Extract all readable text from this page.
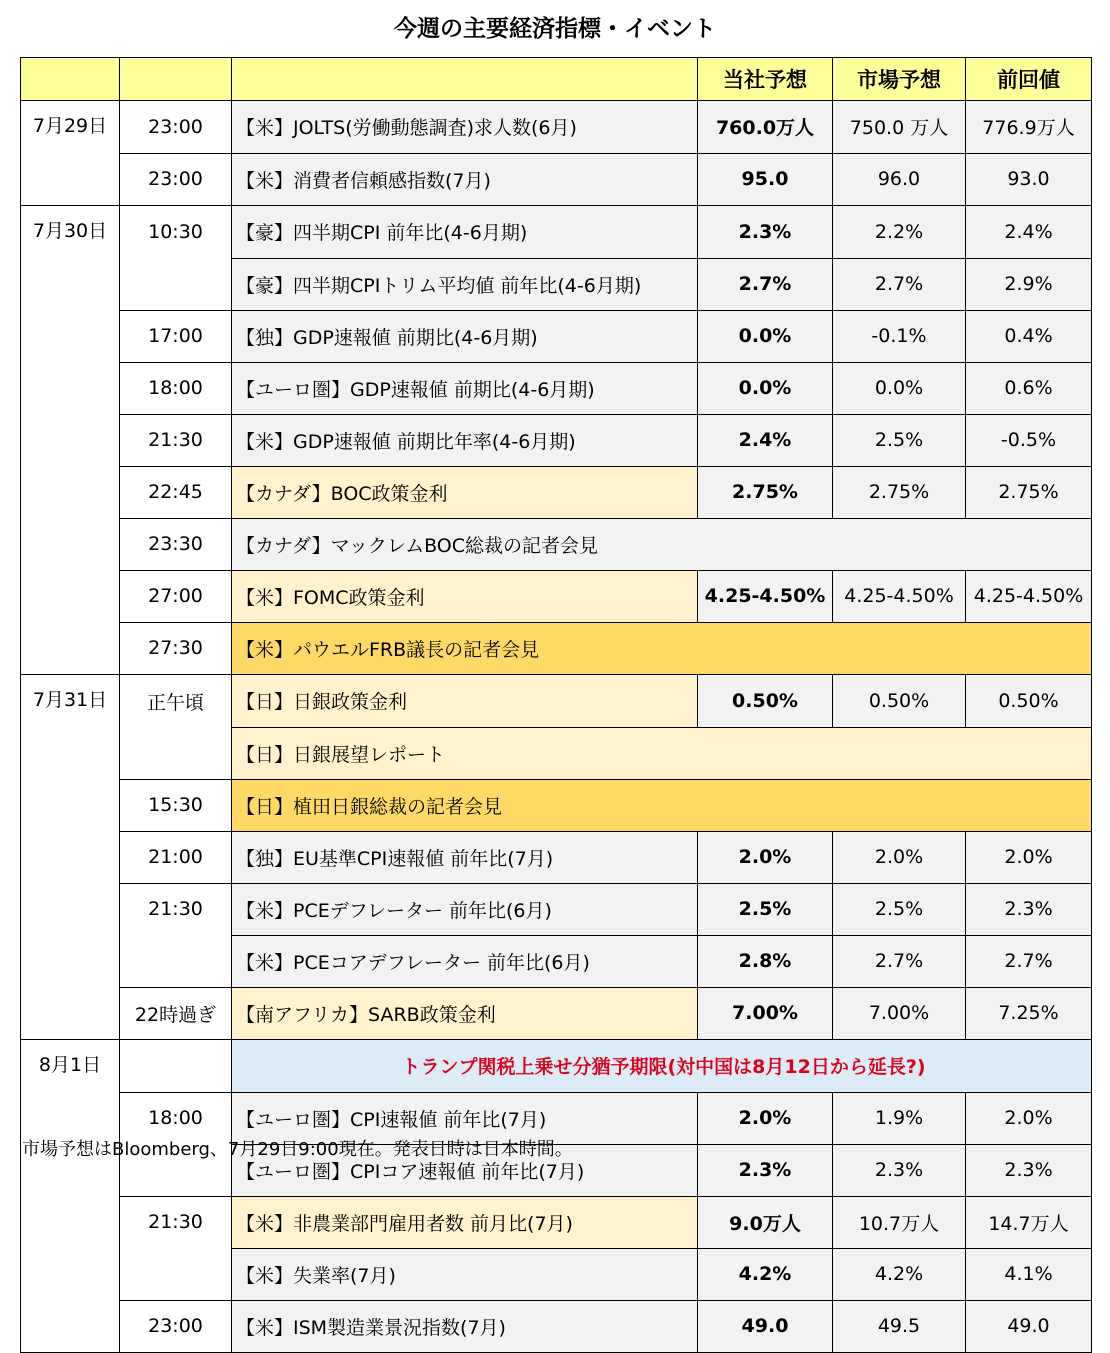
今週の主要経済指標・イベント
			当社予想	市場予想	前回値
7月29日	23:00	【米】JOLTS(労働動態調査)求人数(6月)	760.0万人	750.0 万人	776.9万人
	23:00	【米】消費者信頼感指数(7月)	95.0	96.0	93.0
7月30日	10:30	【豪】四半期CPI 前年比(4-6月期)	2.3%	2.2%	2.4%
		【豪】四半期CPIトリム平均値 前年比(4-6月期)	2.7%	2.7%	2.9%
	17:00	【独】GDP速報値 前期比(4-6月期)	0.0%	-0.1%	0.4%
	18:00	【ユーロ圏】GDP速報値 前期比(4-6月期)	0.0%	0.0%	0.6%
	21:30	【米】GDP速報値 前期比年率(4-6月期)	2.4%	2.5%	-0.5%
	22:45	【カナダ】BOC政策金利	2.75%	2.75%	2.75%
	23:30	【カナダ】マックレムBOC総裁の記者会見			
	27:00	【米】FOMC政策金利	4.25-4.50%	4.25-4.50%	4.25-4.50%
	27:30	【米】パウエルFRB議長の記者会見			
7月31日	正午頃	【日】日銀政策金利	0.50%	0.50%	0.50%
		【日】日銀展望レポート			
	15:30	【日】植田日銀総裁の記者会見			
	21:00	【独】EU基準CPI速報値 前年比(7月)	2.0%	2.0%	2.0%
	21:30	【米】PCEデフレーター 前年比(6月)	2.5%	2.5%	2.3%
		【米】PCEコアデフレーター 前年比(6月)	2.8%	2.7%	2.7%
	22時過ぎ	【南アフリカ】SARB政策金利	7.00%	7.00%	7.25%
8月1日		トランプ関税上乗せ分猶予期限(対中国は8月12日から延長?)			
	18:00	【ユーロ圏】CPI速報値 前年比(7月)	2.0%	1.9%	2.0%
		【ユーロ圏】CPIコア速報値 前年比(7月)	2.3%	2.3%	2.3%
	21:30	【米】非農業部門雇用者数 前月比(7月)	9.0万人	10.7万人	14.7万人
		【米】失業率(7月)	4.2%	4.2%	4.1%
	23:00	【米】ISM製造業景況指数(7月)	49.0	49.5	49.0
市場予想はBloomberg、7月29日9:00現在。発表日時は日本時間。
